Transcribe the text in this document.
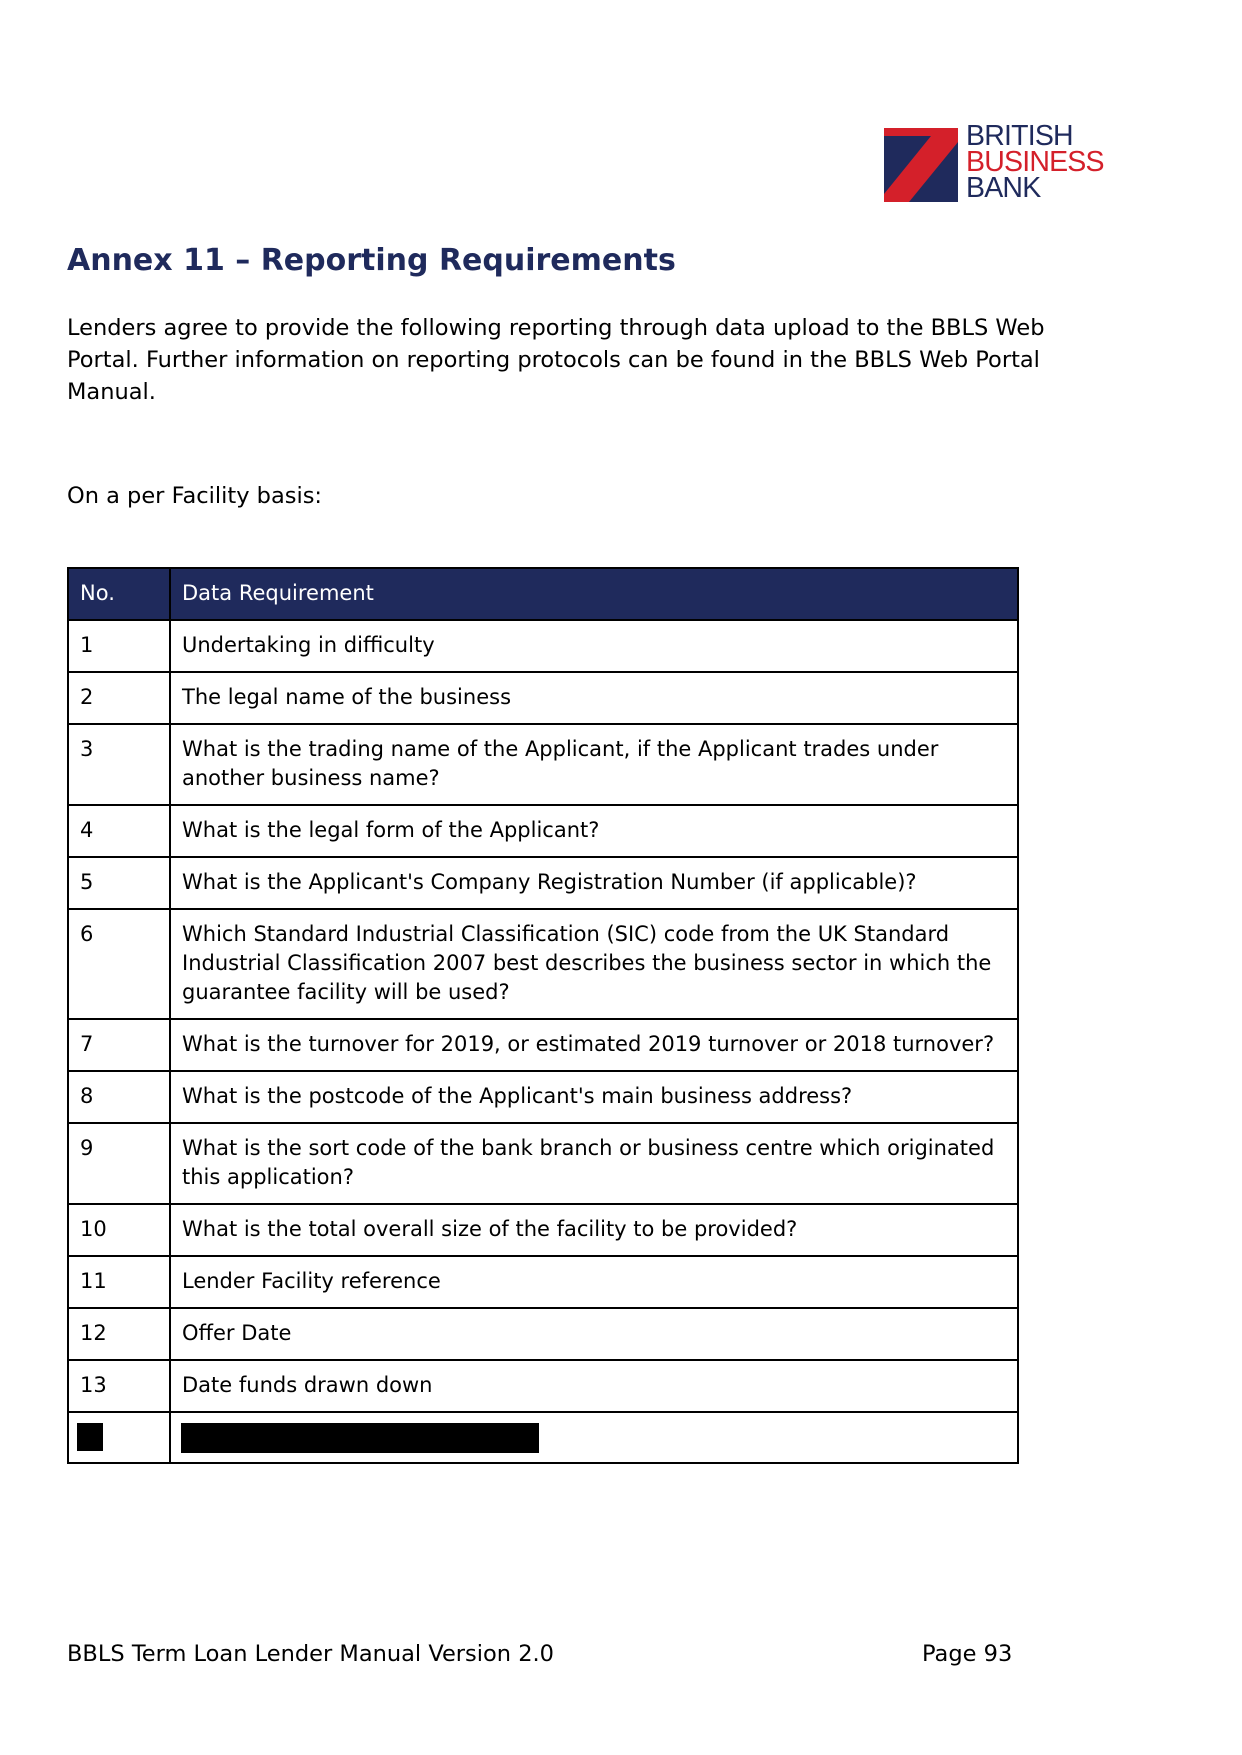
BRITISH
BUSINESS
BANK
Annex 11 – Reporting Requirements

Lenders agree to provide the following reporting through data upload to the BBLS Web
Portal. Further information on reporting protocols can be found in the BBLS Web Portal
Manual.

On a per Facility basis:

No.	Data Requirement
1	Undertaking in difficulty
2	The legal name of the business
3	What is the trading name of the Applicant, if the Applicant trades under
another business name?
4	What is the legal form of the Applicant?
5	What is the Applicant's Company Registration Number (if applicable)?
6	Which Standard Industrial Classification (SIC) code from the UK Standard
Industrial Classification 2007 best describes the business sector in which the
guarantee facility will be used?
7	What is the turnover for 2019, or estimated 2019 turnover or 2018 turnover?
8	What is the postcode of the Applicant's main business address?
9	What is the sort code of the bank branch or business centre which originated
this application?
10	What is the total overall size of the facility to be provided?
11	Lender Facility reference
12	Offer Date
13	Date funds drawn down

BBLS Term Loan Lender Manual Version 2.0	Page 93
